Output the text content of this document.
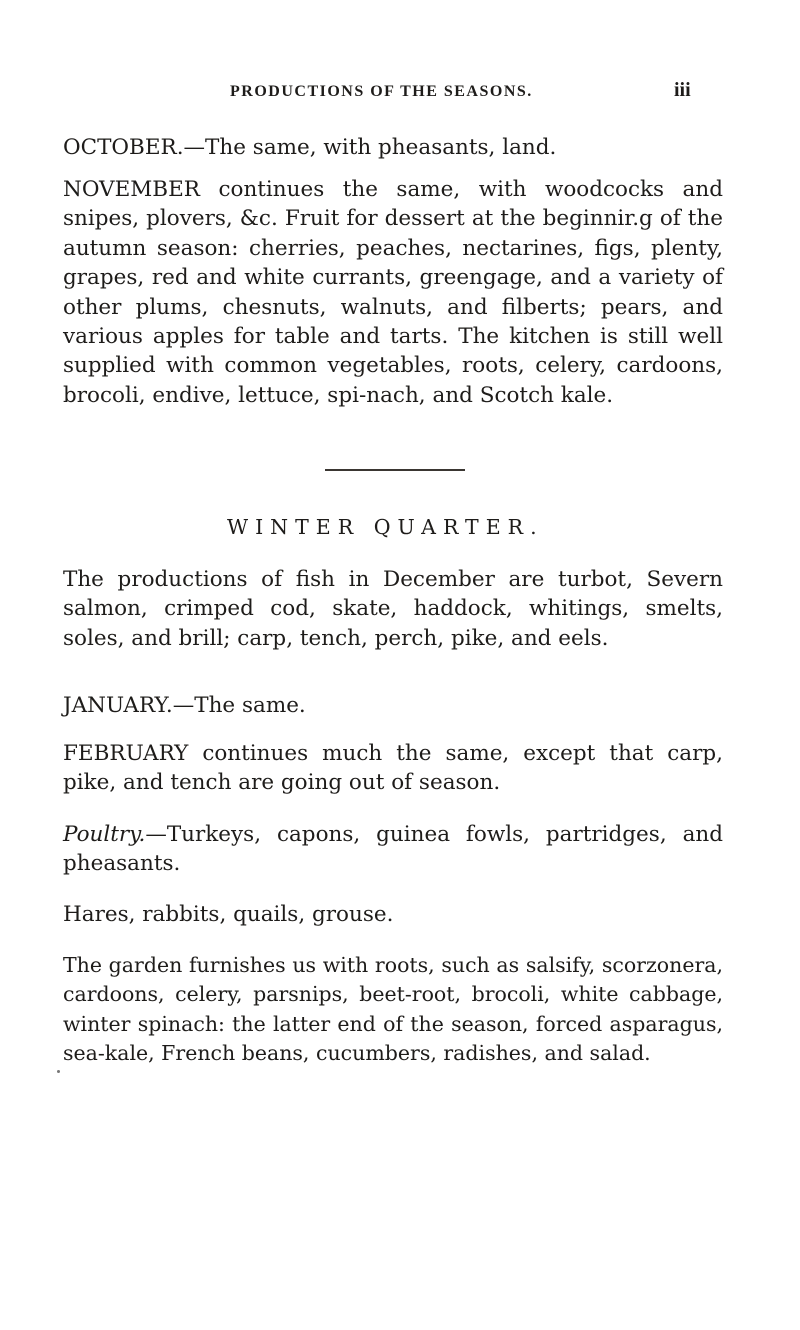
PRODUCTIONS OF THE SEASONS.	iii

OCTOBER.—The same, with pheasants, land.

NOVEMBER continues the same, with woodcocks and snipes, plovers, &c. Fruit for dessert at the beginnir.g of the autumn season: cherries, peaches, nectarines, figs, plenty, grapes, red and white currants, greengage, and a variety of other plums, chesnuts, walnuts, and filberts; pears, and various apples for table and tarts. The kitchen is still well supplied with common vegetables, roots, celery, cardoons, brocoli, endive, lettuce, spi-nach, and Scotch kale.

WINTER QUARTER.

The productions of fish in December are turbot, Severn salmon, crimped cod, skate, haddock, whitings, smelts, soles, and brill; carp, tench, perch, pike, and eels.

JANUARY.—The same.

FEBRUARY continues much the same, except that carp, pike, and tench are going out of season.

Poultry.—Turkeys, capons, guinea fowls, partridges, and pheasants.

Hares, rabbits, quails, grouse.

The garden furnishes us with roots, such as salsify, scorzonera, cardoons, celery, parsnips, beet-root, brocoli, white cabbage, winter spinach: the latter end of the season, forced asparagus, sea-kale, French beans, cucumbers, radishes, and salad.
